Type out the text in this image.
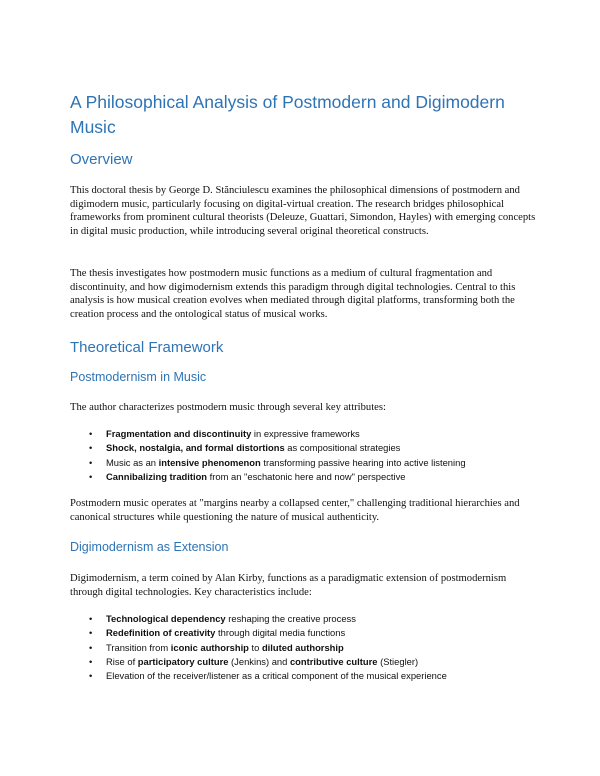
A Philosophical Analysis of Postmodern and Digimodern Music
Overview

This doctoral thesis by George D. Stănciulescu examines the philosophical dimensions of postmodern and digimodern music, particularly focusing on digital-virtual creation. The research bridges philosophical frameworks from prominent cultural theorists (Deleuze, Guattari, Simondon, Hayles) with emerging concepts in digital music production, while introducing several original theoretical constructs.

The thesis investigates how postmodern music functions as a medium of cultural fragmentation and discontinuity, and how digimodernism extends this paradigm through digital technologies. Central to this analysis is how musical creation evolves when mediated through digital platforms, transforming both the creation process and the ontological status of musical works.

Theoretical Framework
Postmodernism in Music

The author characterizes postmodern music through several key attributes:

• Fragmentation and discontinuity in expressive frameworks
• Shock, nostalgia, and formal distortions as compositional strategies
• Music as an intensive phenomenon transforming passive hearing into active listening
• Cannibalizing tradition from an "eschatonic here and now" perspective

Postmodern music operates at "margins nearby a collapsed center," challenging traditional hierarchies and canonical structures while questioning the nature of musical authenticity.

Digimodernism as Extension

Digimodernism, a term coined by Alan Kirby, functions as a paradigmatic extension of postmodernism through digital technologies. Key characteristics include:

• Technological dependency reshaping the creative process
• Redefinition of creativity through digital media functions
• Transition from iconic authorship to diluted authorship
• Rise of participatory culture (Jenkins) and contributive culture (Stiegler)
• Elevation of the receiver/listener as a critical component of the musical experience
